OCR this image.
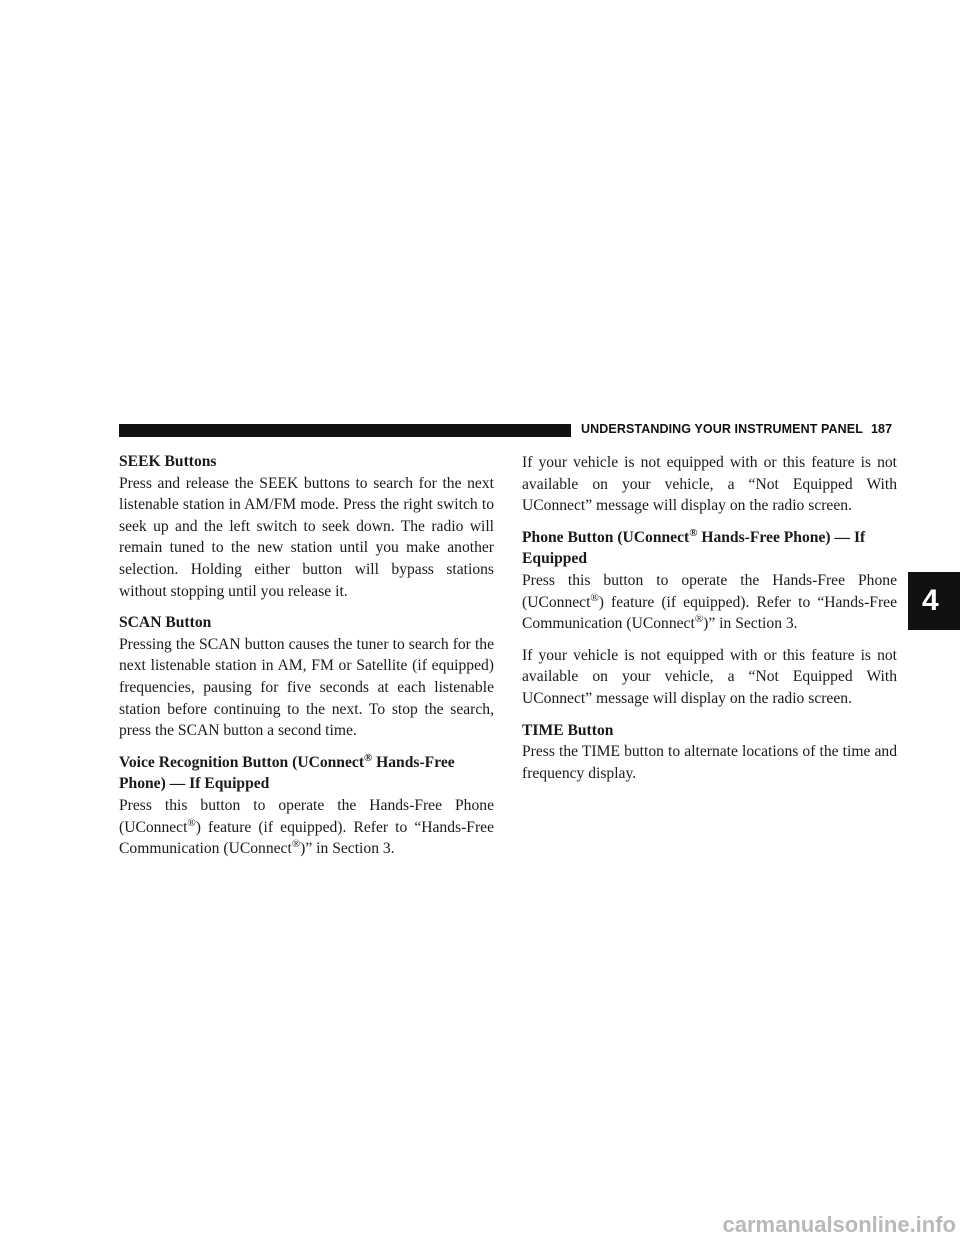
UNDERSTANDING YOUR INSTRUMENT PANEL 187
4
SEEK Buttons

Press and release the SEEK buttons to search for the next listenable station in AM/FM mode. Press the right switch to seek up and the left switch to seek down. The radio will remain tuned to the new station until you make another selection. Holding either button will bypass stations without stopping until you release it.

SCAN Button

Pressing the SCAN button causes the tuner to search for the next listenable station in AM, FM or Satellite (if equipped) frequencies, pausing for five seconds at each listenable station before continuing to the next. To stop the search, press the SCAN button a second time.

Voice Recognition Button (UConnect® Hands-Free Phone) — If Equipped

Press this button to operate the Hands-Free Phone (UConnect®) feature (if equipped). Refer to “Hands-Free Communication (UConnect®)” in Section 3.

If your vehicle is not equipped with or this feature is not available on your vehicle, a “Not Equipped With UConnect” message will display on the radio screen.

Phone Button (UConnect® Hands-Free Phone) — If Equipped

Press this button to operate the Hands-Free Phone (UConnect®) feature (if equipped). Refer to “Hands-Free Communication (UConnect®)” in Section 3.

If your vehicle is not equipped with or this feature is not available on your vehicle, a “Not Equipped With UConnect” message will display on the radio screen.

TIME Button

Press the TIME button to alternate locations of the time and frequency display.

carmanualsonline.info
